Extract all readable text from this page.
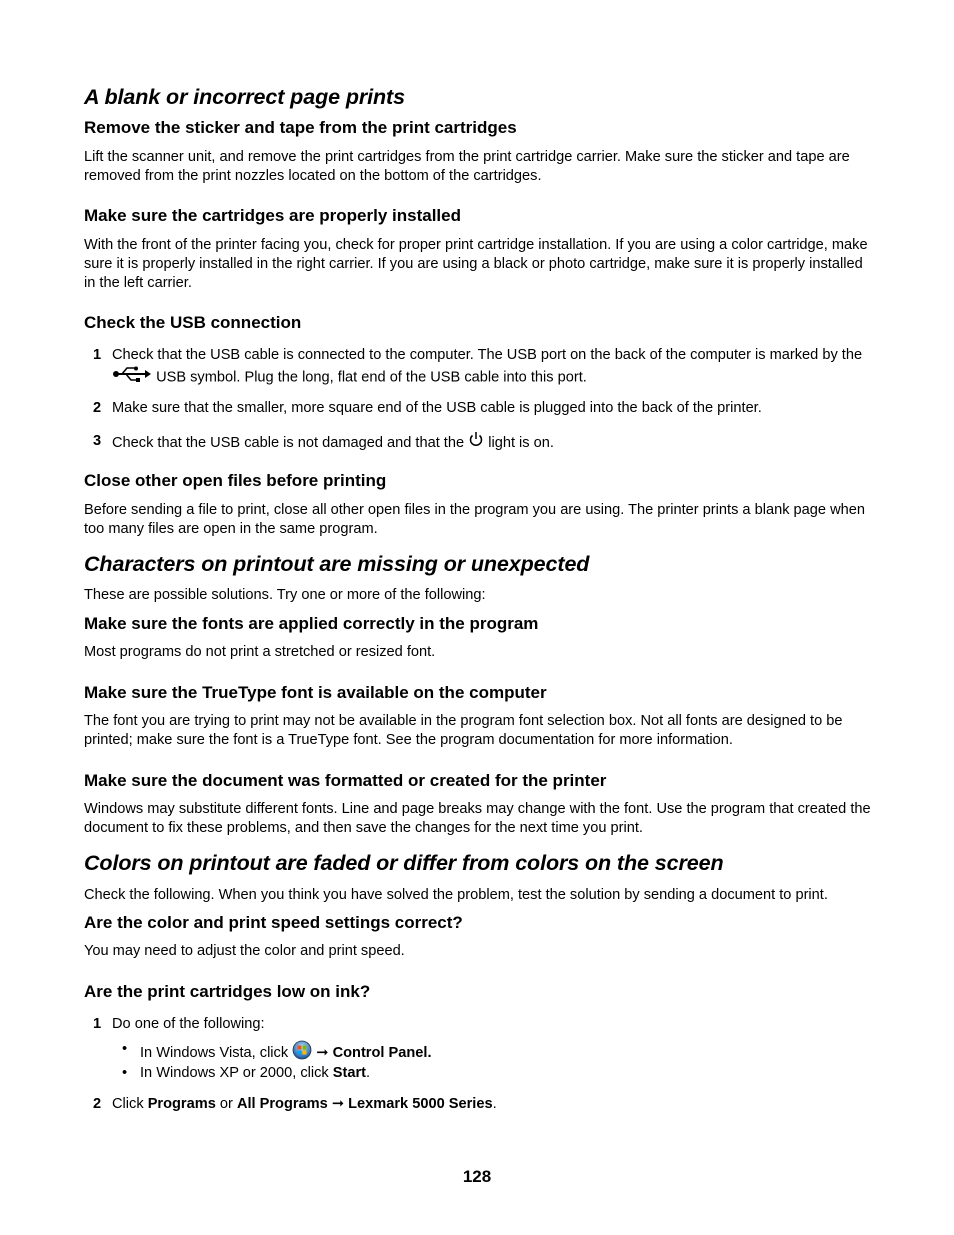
A blank or incorrect page prints
Remove the sticker and tape from the print cartridges

Lift the scanner unit, and remove the print cartridges from the print cartridge carrier. Make sure the sticker and tape are removed from the print nozzles located on the bottom of the cartridges.

Make sure the cartridges are properly installed

With the front of the printer facing you, check for proper print cartridge installation. If you are using a color cartridge, make sure it is properly installed in the right carrier. If you are using a black or photo cartridge, make sure it is properly installed in the left carrier.

Check the USB connection
1 Check that the USB cable is connected to the computer. The USB port on the back of the computer is marked by the  USB symbol. Plug the long, flat end of the USB cable into this port.
2 Make sure that the smaller, more square end of the USB cable is plugged into the back of the printer.
3 Check that the USB cable is not damaged and that the light is on.
Close other open files before printing

Before sending a file to print, close all other open files in the program you are using. The printer prints a blank page when too many files are open in the same program.

Characters on printout are missing or unexpected

These are possible solutions. Try one or more of the following:

Make sure the fonts are applied correctly in the program

Most programs do not print a stretched or resized font.

Make sure the TrueType font is available on the computer

The font you are trying to print may not be available in the program font selection box. Not all fonts are designed to be printed; make sure the font is a TrueType font. See the program documentation for more information.

Make sure the document was formatted or created for the printer

Windows may substitute different fonts. Line and page breaks may change with the font. Use the program that created the document to fix these problems, and then save the changes for the next time you print.

Colors on printout are faded or differ from colors on the screen

Check the following. When you think you have solved the problem, test the solution by sending a document to print.

Are the color and print speed settings correct?

You may need to adjust the color and print speed.

Are the print cartridges low on ink?
1 Do one of the following:
• In Windows Vista, click ➞ Control Panel.
• In Windows XP or 2000, click Start.
2 Click Programs or All Programs ➞ Lexmark 5000 Series.
128
